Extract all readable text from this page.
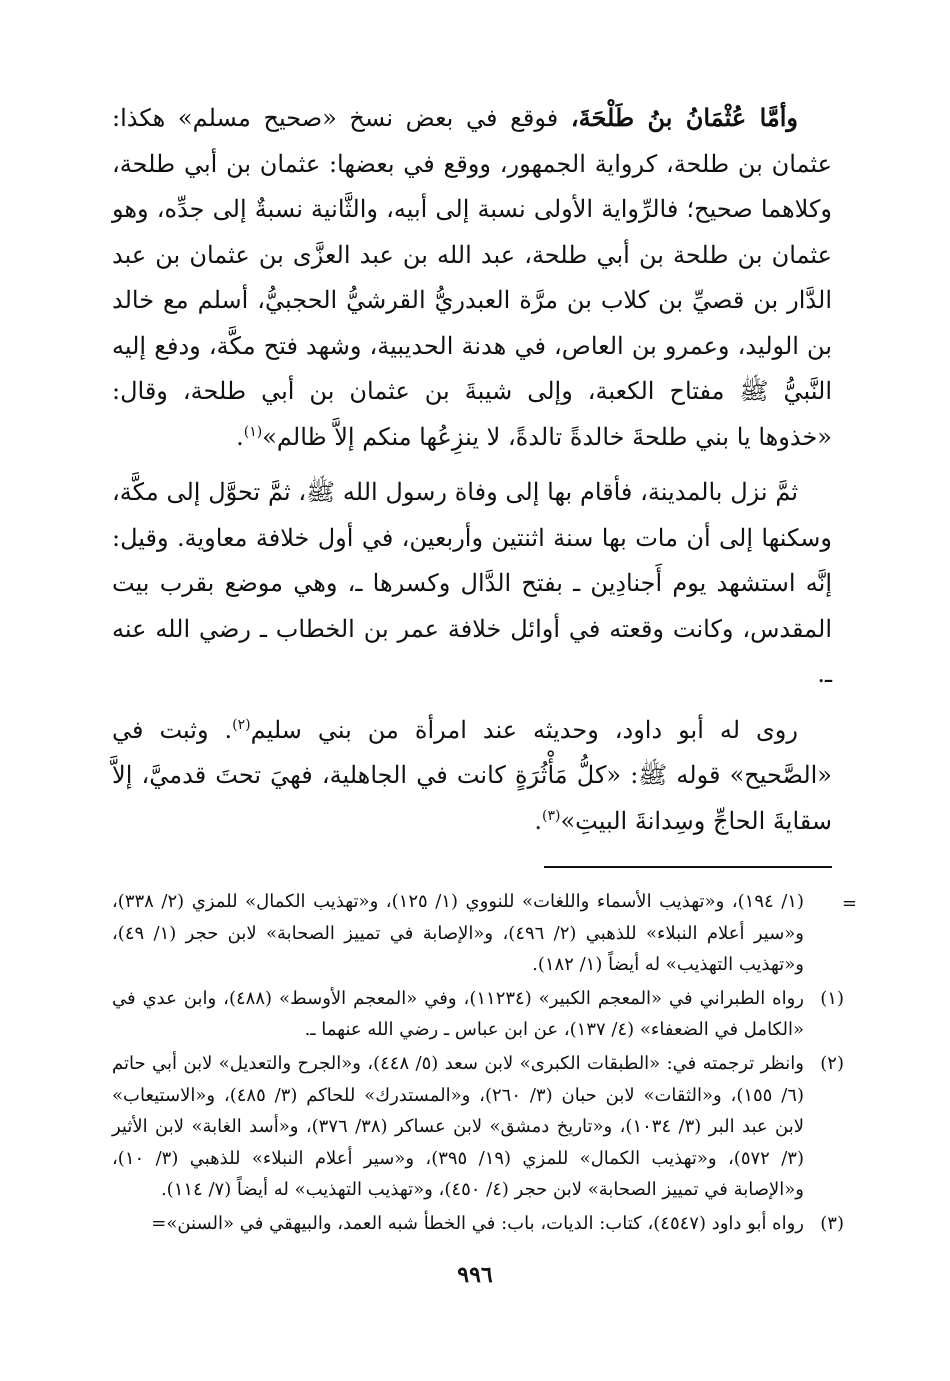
وأمَّا عُثْمَانُ بنُ طَلْحَةَ، فوقع في بعض نسخ «صحيح مسلم» هكذا: عثمان بن طلحة، كرواية الجمهور، ووقع في بعضها: عثمان بن أبي طلحة، وكلاهما صحيح؛ فالرِّواية الأولى نسبة إلى أبيه، والثَّانية نسبةٌ إلى جدِّه، وهو عثمان بن طلحة بن أبي طلحة، عبد الله بن عبد العزَّى بن عثمان بن عبد الدَّار بن قصيِّ بن كلاب بن مرَّة العبدريُّ القرشيُّ الحجبيُّ، أسلم مع خالد بن الوليد، وعمرو بن العاص، في هدنة الحديبية، وشهد فتح مكَّة، ودفع إليه النَّبيُّ ﷺ مفتاح الكعبة، وإلى شيبةَ بن عثمان بن أبي طلحة، وقال: «خذوها يا بني طلحةَ خالدةً تالدةً، لا ينزِعُها منكم إلاَّ ظالم»$^{(١)}$.

ثمَّ نزل بالمدينة، فأقام بها إلى وفاة رسول الله ﷺ، ثمَّ تحوَّل إلى مكَّة، وسكنها إلى أن مات بها سنة اثنتين وأربعين، في أول خلافة معاوية. وقيل: إنَّه استشهد يوم أَجنادِين ـ بفتح الدَّال وكسرها ـ، وهي موضع بقرب بيت المقدس، وكانت وقعته في أوائل خلافة عمر بن الخطاب ـ رضي الله عنه ـ.

روى له أبو داود، وحديثه عند امرأة من بني سليم$^{(٢)}$. وثبت في «الصَّحيح» قوله ﷺ: «كلُّ مَأْثُرَةٍ كانت في الجاهلية، فهيَ تحتَ قدميَّ، إلاَّ سقايةَ الحاجِّ وسِدانةَ البيتِ»$^{(٣)}$.

=
(١/ ١٩٤)، و«تهذيب الأسماء واللغات» للنووي (١/ ١٢٥)، و«تهذيب الكمال» للمزي (٢/ ٣٣٨)، و«سير أعلام النبلاء» للذهبي (٢/ ٤٩٦)، و«الإصابة في تمييز الصحابة» لابن حجر (١/ ٤٩)، و«تهذيب التهذيب» له أيضاً (١/ ١٨٢).
(١)
رواه الطبراني في «المعجم الكبير» (١١٢٣٤)، وفي «المعجم الأوسط» (٤٨٨)، وابن عدي في «الكامل في الضعفاء» (٤/ ١٣٧)، عن ابن عباس ـ رضي الله عنهما ـ.
(٢)
وانظر ترجمته في: «الطبقات الكبرى» لابن سعد (٥/ ٤٤٨)، و«الجرح والتعديل» لابن أبي حاتم (٦/ ١٥٥)، و«الثقات» لابن حبان (٣/ ٢٦٠)، و«المستدرك» للحاكم (٣/ ٤٨٥)، و«الاستيعاب» لابن عبد البر (٣/ ١٠٣٤)، و«تاريخ دمشق» لابن عساكر (٣٨/ ٣٧٦)، و«أسد الغابة» لابن الأثير (٣/ ٥٧٢)، و«تهذيب الكمال» للمزي (١٩/ ٣٩٥)، و«سير أعلام النبلاء» للذهبي (٣/ ١٠)، و«الإصابة في تمييز الصحابة» لابن حجر (٤/ ٤٥٠)، و«تهذيب التهذيب» له أيضاً (٧/ ١١٤).
(٣)
رواه أبو داود (٤٥٤٧)، كتاب: الديات، باب: في الخطأ شبه العمد، والبيهقي في «السنن»=
٩٩٦
